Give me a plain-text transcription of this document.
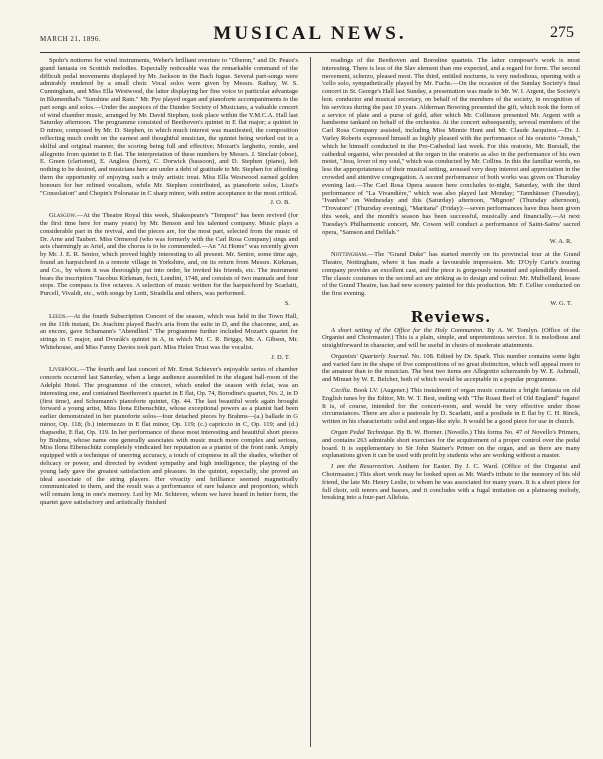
MARCH 21, 1896.	MUSICAL NEWS.	275

Spohr's nottorno for wind instruments, Weber's brilliant overture to "Oberon," and Dr. Peace's grand fantasia on Scottish melodies. Especially noticeable was the remarkable command of the difficult pedal movements displayed by Mr. Jackson in the Bach fugue. Several part-songs were admirably rendered by a small choir. Vocal solos were given by Messrs. Rathay, W. S. Cunningham, and Miss Ella Westwood, the latter displaying her fine voice to particular advantage in Blumenthal's "Sunshine and Rain." Mr. Pye played organ and pianoforte accompaniments to the part songs and solos.—Under the auspices of the Dundee Society of Musicians, a valuable concert of wind chamber music, arranged by Mr. David Stephen, took place within the Y.M.C.A. Hall last Saturday afternoon. The programme consisted of Beethoven's quintet in E flat major; a quintet in D minor, composed by Mr. D. Stephen, in which much interest was manifested, the composition reflecting much credit on the earnest and thoughtful musician, the quintet being worked out in a skilful and original manner, the scoring being full and effective; Mozart's larghetto, rondo, and allegretto from quintet in E flat. The interpretation of these numbers by Messrs. J. Sinclair (oboe), E. Green (clarionet), E. Angless (horn), C. Dorwick (bassoon), and D. Stephen (piano), left nothing to be desired, and musicians here are under a debt of gratitude to Mr. Stephen for affording them the opportunity of enjoying such a truly artistic treat. Miss Ella Westwood earned golden honours for her refined vocalism, while Mr. Stephen contributed, as pianoforte solos, Liszt's "Consolation" and Chopin's Polonaise in C sharp minor, with entire acceptance to the most critical.

J. O. B.

Glasgow.—At the Theatre Royal this week, Shakespeare's "Tempest" has been revived (for the first time here for many years) by Mr. Benson and his talented company. Music plays a considerable part in the revival, and the pieces are, for the most part, selected from the music of Dr. Arne and Taubert. Miss Ormerod (who was formerly with the Carl Rosa Company) sings and acts charmingly as Ariel, and the chorus is to be commended.—An "At Home" was recently given by Mr. J. E. R. Senior, which proved highly interesting to all present. Mr. Senior, some time ago, found an harpsichord in a remote village in Yorkshire, and, on its return from Messrs. Kirkman, and Co., by whom it was thoroughly put into order, he invited his friends, etc. The instrument bears the inscription "Jacobus Kirkman, fecit, Londini, 1748, and consists of two manuals and four stops. The compass is five octaves. A selection of music written for the harpsichord by Scarlatti, Purcell, Vivaldi, etc., with songs by Lotti, Stradella and others, was performed.

S.

Leeds.—At the fourth Subscription Concert of the season, which was held in the Town Hall, on the 11th instant, Dr. Joachim played Bach's aria from the suite in D, and the chaconne, and, as an encore, gave Schumann's "Abendlied." The programme further included Mozart's quartet for strings in C major, and Dvorák's quintet in A, in which Mr. C. R. Briggs, Mr. A. Gibson, Mr. Whitehouse, and Miss Fanny Davies took part. Miss Helen Trust was the vocalist.

J. D. T.

Liverpool.—The fourth and last concert of Mr. Ernst Schiever's enjoyable series of chamber concerts occurred last Saturday, when a large audience assembled in the elegant ball-room of the Adelphi Hotel. The programme of the concert, which ended the season with éclat, was an interesting one, and contained Beethoven's quartet in E flat, Op. 74, Borodine's quartet, No. 2, in D (first time), and Schumann's pianoforte quintet, Op. 44. The last beautiful work again brought forward a young artist, Miss Ilona Eibenschütz, whose exceptional powers as a pianist had been earlier demonstrated in her pianoforte solos—four detached pieces by Brahms—(a.) ballade in G minor, Op. 118; (b.) intermezzo in E flat minor, Op. 119; (c.) capriccio in C, Op. 119; and (d.) rhapsodie, E flat, Op. 119. In her performance of these most interesting and beautiful short pieces by Brahms, whose name one generally associates with music much more complex and serious, Miss Ilona Eibenschütz completely vindicated her reputation as a pianist of the front rank. Amply equipped with a technique of unerring accuracy, a touch of crispness in all the shades, whether of delicacy or power, and directed by evident sympathy and high intelligence, the playing of the young lady gave the greatest satisfaction and pleasure. In the quintet, especially, she proved an ideal associate of the string players. Her vivacity and brilliance seemed magnetically communicated to them, and the result was a performance of rare balance and proportion, which will remain long in one's memory. Led by Mr. Schiever, whom we have heard in better form, the quartet gave satisfactory and artistically finished

readings of the Beethoven and Borodine quartets. The latter composer's work is most interesting. There is less of the Slav element than one expected, and a regard for form. The second movement, scherzo, pleased most. The third, entitled nocturne, is very melodious, opening with a 'cello solo, sympathetically played by Mr. Fuchs.—On the occasion of the Sunday Society's final concert in St. George's Hall last Sunday, a presentation was made to Mr. W. I. Argent, the Society's hon. conductor and musical secretary, on behalf of the members of the society, in recognition of his services during the past 10 years. Alderman Bowring presented the gift, which took the form of a service of plate and a purse of gold, after which Mr. Collinson presented Mr. Argent with a handsome tankard on behalf of the orchestra. At the concert subsequently, several members of the Carl Rosa Company assisted, including Miss Minnie Hunt and Mr. Claude Jacquinot.—Dr. J. Varley Roberts expressed himself as highly pleased with the performance of his oratorio "Jonah," which he himself conducted in the Pro-Cathedral last week. For this oratorio, Mr. Burstall, the cathedral organist, who presided at the organ in the oratorio as also in the performance of his own motet, "Jesu, lover of my soul," which was conducted by Mr. Collins. In this the familiar words, no less the appropriateness of their musical setting, aroused very deep interest and appreciation in the crowded and attentive congregation. A second performance of both works was given on Thursday evening last.—The Carl Rosa Opera season here concludes to-night, Saturday, with the third performance of "La Vivandière," which was also played last Monday; "Tannhäuser (Tuesday), "Ivanhoe" on Wednesday and this (Saturday) afternoon, "Mignon" (Thursday afternoon), "Trovatore" (Thursday evening), "Maritana" (Friday):—seven performances have thus been given this week, and the month's season has been successful, musically and financially.—At next Tuesday's Philharmonic concert, Mr. Cowen will conduct a performance of Saint-Saëns' sacred opera, "Samson and Delilah."

W. A. R.

Nottingham.—The "Grand Duke" has started merrily on its provincial tour at the Grand Theatre, Nottingham, where it has made a favourable impression. Mr. D'Oyly Carte's touring company provides an excellent cast, and the piece is gorgeously mounted and splendidly dressed. The classic costumes in the second act are striking as to design and colour. Mr. Mulholland, lessee of the Grand Theatre, has had new scenery painted for this production. Mr. F. Cellier conducted on the first evening.

W. G. T.
Reviews.

A short setting of the Office for the Holy Communion. By A. W. Tomlyn. (Office of the Organist and Choirmaster.) This is a plain, simple, and unpretentious service. It is melodious and straightforward in character, and will be useful in choirs of moderate attainments.

Organists' Quarterly Journal. No. 108. Edited by Dr. Spark. This number contains some light and varied fare in the shape of five compositions of no great distinction, which will appeal more to the amateur than to the musician. The best two items are Allegretto scherzando by W. E. Ashmall, and Minuet by W. E. Belcher, both of which would be acceptable in a popular programme.

Cecilia. Book LV. (Augener.) This instalment of organ music contains a bright fantasia on old English tunes by the Editor, Mr. W. T. Best, ending with "The Roast Beef of Old England" fugato! It is, of course, intended for the concert-room, and would be very effective under those circumstances. There are also a pastorale by D. Scarlatti, and a postlude in E flat by C. H. Rinck, written in his characteristic solid and organ-like style. It would be a good piece for use in church.

Organ Pedal Technique. By B. W. Horner. (Novello.) This forms No. 47 of Novello's Primers, and contains 263 admirable short exercises for the acquirement of a proper control over the pedal board. It is supplementary to Sir John Stainer's Primer on the organ, and as there are many explanations given it can be used with profit by students who are working without a master.

I am the Resurrection. Anthem for Easter. By J. C. Ward. (Office of the Organist and Choirmaster.) This short work may be looked upon as Mr. Ward's tribute to the memory of his old friend, the late Mr. Henry Leslie, to whom he was associated for many years. It is a short piece for full choir, soli tenors and basses, and it concludes with a fugal imitation on a plainsong melody, breaking into a four-part Alleluia.
